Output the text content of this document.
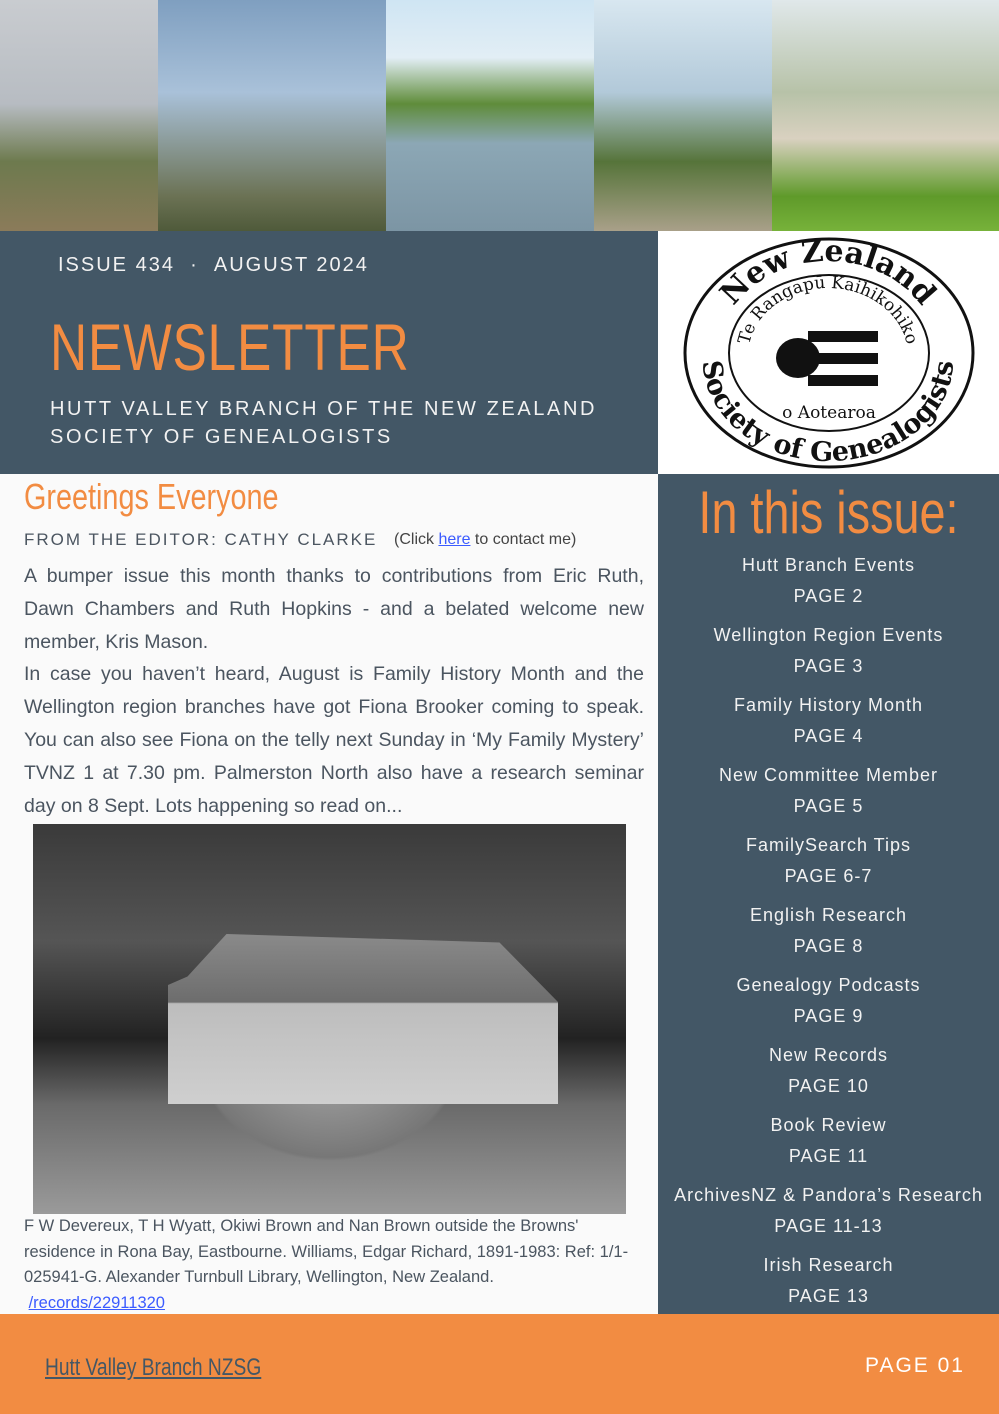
ISSUE 434 · AUGUST 2024
NEWSLETTER
HUTT VALLEY BRANCH OF THE NEW ZEALAND
SOCIETY OF GENEALOGISTS
New Zealand
Te Rangapū Kaihikohiko
o Aotearoa
Society of Genealogists
Greetings Everyone
FROM THE EDITOR: CATHY CLARKE (Click here to contact me)

A bumper issue this month thanks to contributions from Eric Ruth, Dawn Chambers and Ruth Hopkins - and a belated welcome new member, Kris Mason.

In case you haven’t heard, August is Family History Month and the Wellington region branches have got Fiona Brooker coming to speak. You can also see Fiona on the telly next Sunday in ‘My Family Mystery’ TVNZ 1 at 7.30 pm. Palmerston North also have a research seminar day on 8 Sept. Lots happening so read on...

F W Devereux, T H Wyatt, Okiwi Brown and Nan Brown outside the Browns' residence in Rona Bay, Eastbourne. Williams, Edgar Richard, 1891-1983: Ref: 1/1-025941-G. Alexander Turnbull Library, Wellington, New Zealand.
/records/22911320
In this issue:
Hutt Branch Events
PAGE 2
Wellington Region Events
PAGE 3
Family History Month
PAGE 4
New Committee Member
PAGE 5
FamilySearch Tips
PAGE 6-7
English Research
PAGE 8
Genealogy Podcasts
PAGE 9
New Records
PAGE 10
Book Review
PAGE 11
ArchivesNZ & Pandora’s Research
PAGE 11-13
Irish Research
PAGE 13
Hutt Valley Branch NZSG	PAGE 01
